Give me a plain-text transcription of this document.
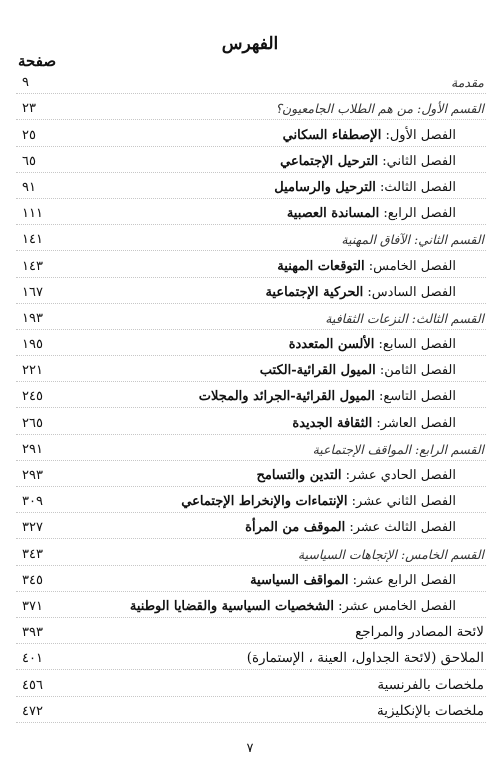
الفهرس
صفحة
٩	مقدمة
٢٣	القسم الأول: من هم الطلاب الجامعيون؟
٢٥	الفصل الأول: الإصطفاء السكاني
٦٥	الفصل الثاني: الترحيل الإجتماعي
٩١	الفصل الثالث: الترحيل والرساميل
١١١	الفصل الرابع: المساندة العصبية
١٤١	القسم الثاني: الآفاق المهنية
١٤٣	الفصل الخامس: التوقعات المهنية
١٦٧	الفصل السادس: الحركية الإجتماعية
١٩٣	القسم الثالث: النزعات الثقافية
١٩٥	الفصل السابع: الألسن المتعددة
٢٢١	الفصل الثامن: الميول القرائية-الكتب
٢٤٥	الفصل التاسع: الميول القرائية-الجرائد والمجلات
٢٦٥	الفصل العاشر: الثقافة الجديدة
٢٩١	القسم الرابع: المواقف الإجتماعية
٢٩٣	الفصل الحادي عشر: التدين والتسامح
٣٠٩	الفصل الثاني عشر: الإنتماءات والإنخراط الإجتماعي
٣٢٧	الفصل الثالث عشر: الموقف من المرأة
٣٤٣	القسم الخامس: الإتجاهات السياسية
٣٤٥	الفصل الرابع عشر: المواقف السياسية
٣٧١	الفصل الخامس عشر: الشخصيات السياسية والقضايا الوطنية
٣٩٣	لائحة المصادر والمراجع
٤٠١	الملاحق (لائحة الجداول، العينة ، الإستمارة)
٤٥٦	ملخصات بالفرنسية
٤٧٢	ملخصات بالإنكليزية
٧
